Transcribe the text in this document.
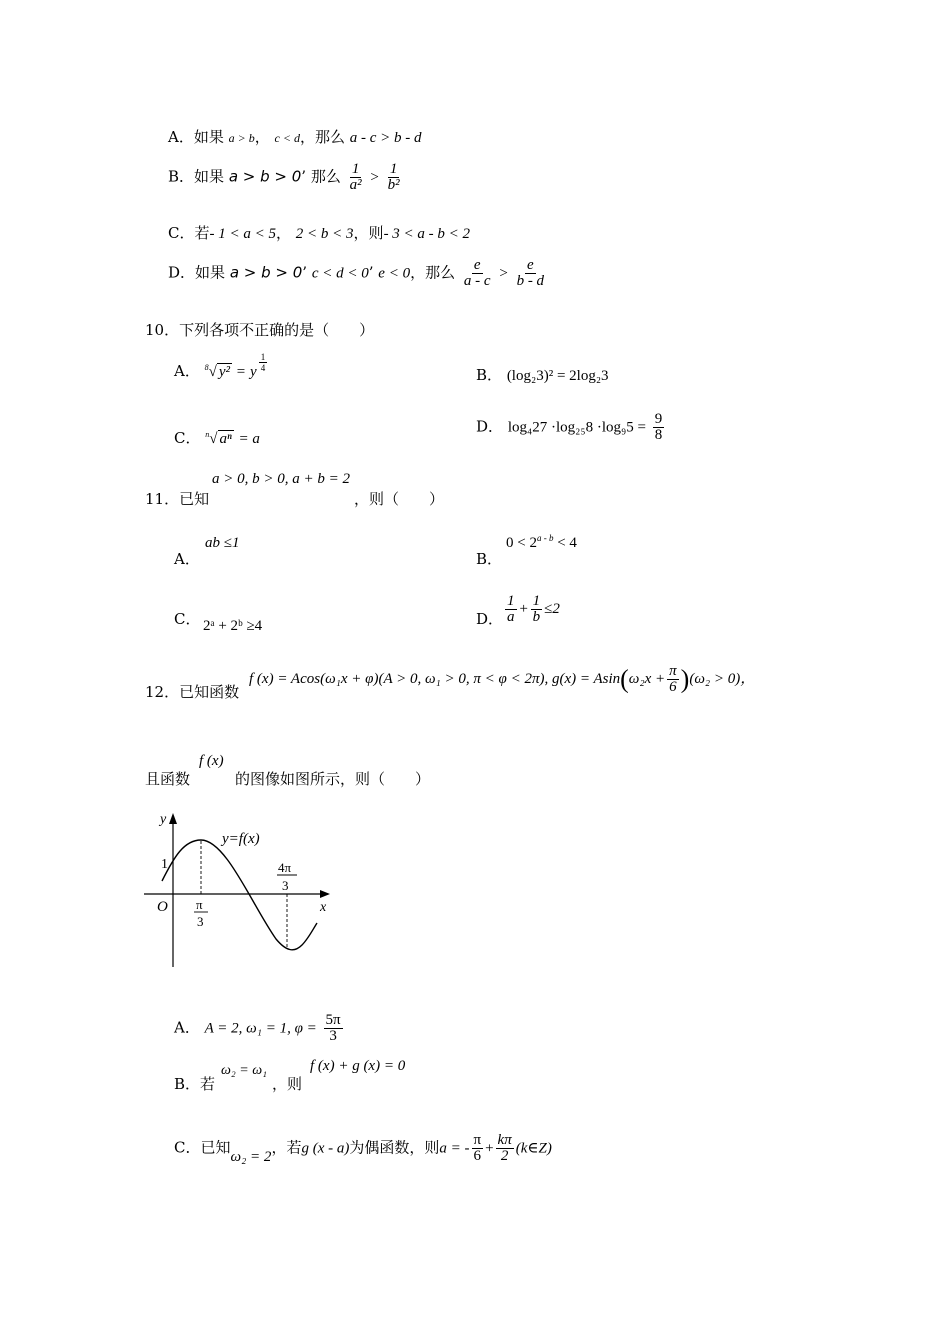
A．如果 a > b， c < d，那么 a - c > b - d
B．如果 a > b > 0’ 那么 $\frac{1}{\text{a²}} > \frac{1}{\text{b²}}$
C．若- 1 < a < 5， 2 < b < 3，则- 3 < a - b < 2
D．如果 a > b > 0’ c < d < 0’ e < 0，那么 $\frac{e}{a - c} > \frac{e}{b - d}$
10．下列各项不正确的是（　　）
A． $^8$√ y² = y $\frac{1}{4}$
B． (log₂3)² = 2log₂3
C． $^n$√ aⁿ = a
D． $\log_427 \cdot\log_{25}8 \cdot\log_95 = \frac{9}{8}$
11．已知
a > 0, b > 0, a + b = 2
，则（　　）
A．
ab ≤1
B．
$0 < 2^{a - b} < 4$
C． 2ᵃ + 2ᵇ ≥4	D． $\frac{1}{a} + \frac{1}{b} \le 2$
12．已知函数
f (x) = Acos(ω₁x + φ)(A > 0, ω₁ > 0, π < φ < 2π), $g(x) = Asin(\omega_2x + \frac{\pi}{6} )(\omega_2 > 0)$，
且函数
f (x)
的图像如图所示，则（　　）
y
x
O
1
y=f(x)
π
3
4π
3
A． A = 2, ω₁ = 1, $\varphi = \frac{5\pi}{3}$
B．若
ω₂ = ω₁
，则
f (x) + g (x) = 0
C．已知ω₂ = 2，若g (x - a)为偶函数，则a = - $\frac{\pi}{6} + \frac{k\pi}{2}$ (k∈Z)
